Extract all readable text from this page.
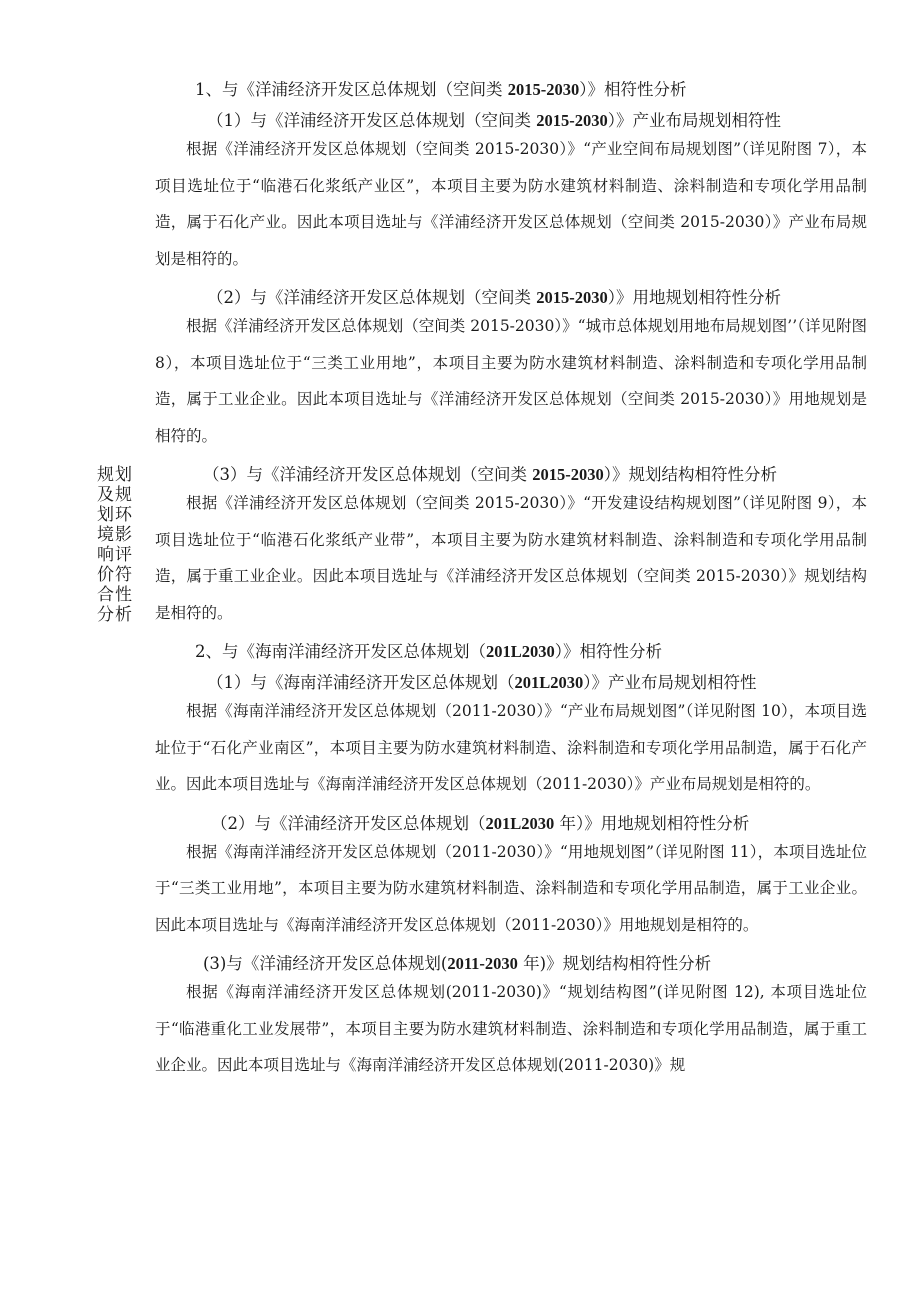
规划及规划环境影响评价符合性分析

1、与《洋浦经济开发区总体规划（空间类 2015-2030）》相符性分析

（1）与《洋浦经济开发区总体规划（空间类 2015-2030）》产业布局规划相符性

根据《洋浦经济开发区总体规划（空间类 2015-2030）》“产业空间布局规划图”（详见附图 7），本项目选址位于“临港石化浆纸产业区”，本项目主要为防水建筑材料制造、涂料制造和专项化学用品制造，属于石化产业。因此本项目选址与《洋浦经济开发区总体规划（空间类 2015-2030）》产业布局规划是相符的。

（2）与《洋浦经济开发区总体规划（空间类 2015-2030）》用地规划相符性分析

根据《洋浦经济开发区总体规划（空间类 2015-2030）》“城市总体规划用地布局规划图’’（详见附图 8），本项目选址位于“三类工业用地”，本项目主要为防水建筑材料制造、涂料制造和专项化学用品制造，属于工业企业。因此本项目选址与《洋浦经济开发区总体规划（空间类 2015-2030）》用地规划是相符的。

（3）与《洋浦经济开发区总体规划（空间类 2015-2030）》规划结构相符性分析

根据《洋浦经济开发区总体规划（空间类 2015-2030）》“开发建设结构规划图”（详见附图 9），本项目选址位于“临港石化浆纸产业带”，本项目主要为防水建筑材料制造、涂料制造和专项化学用品制造，属于重工业企业。因此本项目选址与《洋浦经济开发区总体规划（空间类 2015-2030）》规划结构是相符的。

2、与《海南洋浦经济开发区总体规划（201L2030）》相符性分析

（1）与《海南洋浦经济开发区总体规划（201L2030）》产业布局规划相符性

根据《海南洋浦经济开发区总体规划（2011-2030）》“产业布局规划图”（详见附图 10），本项目选址位于“石化产业南区”，本项目主要为防水建筑材料制造、涂料制造和专项化学用品制造，属于石化产业。因此本项目选址与《海南洋浦经济开发区总体规划（2011-2030）》产业布局规划是相符的。

（2）与《洋浦经济开发区总体规划（201L2030 年）》用地规划相符性分析

根据《海南洋浦经济开发区总体规划（2011-2030）》“用地规划图”（详见附图 11），本项目选址位于“三类工业用地”，本项目主要为防水建筑材料制造、涂料制造和专项化学用品制造，属于工业企业。因此本项目选址与《海南洋浦经济开发区总体规划（2011-2030）》用地规划是相符的。

(3)与《洋浦经济开发区总体规划(2011-2030 年)》规划结构相符性分析

根据《海南洋浦经济开发区总体规划(2011-2030)》“规划结构图”(详见附图 12), 本项目选址位于“临港重化工业发展带”，本项目主要为防水建筑材料制造、涂料制造和专项化学用品制造，属于重工业企业。因此本项目选址与《海南洋浦经济开发区总体规划(2011-2030)》规
